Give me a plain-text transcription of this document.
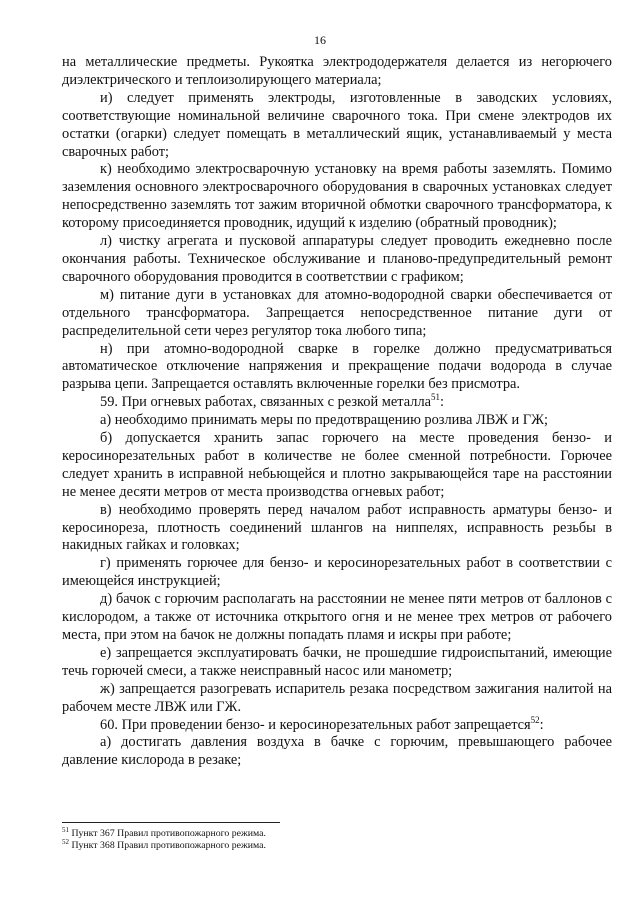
16

на металлические предметы. Рукоятка электрододержателя делается из негорючего диэлектрического и теплоизолирующего материала;

и) следует применять электроды, изготовленные в заводских условиях, соответствующие номинальной величине сварочного тока. При смене электродов их остатки (огарки) следует помещать в металлический ящик, устанавливаемый у места сварочных работ;

к) необходимо электросварочную установку на время работы заземлять. Помимо заземления основного электросварочного оборудования в сварочных установках следует непосредственно заземлять тот зажим вторичной обмотки сварочного трансформатора, к которому присоединяется проводник, идущий к изделию (обратный проводник);

л) чистку агрегата и пусковой аппаратуры следует проводить ежедневно после окончания работы. Техническое обслуживание и планово-предупредительный ремонт сварочного оборудования проводится в соответствии с графиком;

м) питание дуги в установках для атомно-водородной сварки обеспечивается от отдельного трансформатора. Запрещается непосредственное питание дуги от распределительной сети через регулятор тока любого типа;

н) при атомно-водородной сварке в горелке должно предусматриваться автоматическое отключение напряжения и прекращение подачи водорода в случае разрыва цепи. Запрещается оставлять включенные горелки без присмотра.

59. При огневых работах, связанных с резкой металла$^{51}$:

а) необходимо принимать меры по предотвращению розлива ЛВЖ и ГЖ;

б) допускается хранить запас горючего на месте проведения бензо- и керосинорезательных работ в количестве не более сменной потребности. Горючее следует хранить в исправной небьющейся и плотно закрывающейся таре на расстоянии не менее десяти метров от места производства огневых работ;

в) необходимо проверять перед началом работ исправность арматуры бензо- и керосинореза, плотность соединений шлангов на ниппелях, исправность резьбы в накидных гайках и головках;

г) применять горючее для бензо- и керосинорезательных работ в соответствии с имеющейся инструкцией;

д) бачок с горючим располагать на расстоянии не менее пяти метров от баллонов с кислородом, а также от источника открытого огня и не менее трех метров от рабочего места, при этом на бачок не должны попадать пламя и искры при работе;

е) запрещается эксплуатировать бачки, не прошедшие гидроиспытаний, имеющие течь горючей смеси, а также неисправный насос или манометр;

ж) запрещается разогревать испаритель резака посредством зажигания налитой на рабочем месте ЛВЖ или ГЖ.

60. При проведении бензо- и керосинорезательных работ запрещается$^{52}$:

а) достигать давления воздуха в бачке с горючим, превышающего рабочее давление кислорода в резаке;

$^{51}$ Пункт 367 Правил противопожарного режима.
$^{52}$ Пункт 368 Правил противопожарного режима.
